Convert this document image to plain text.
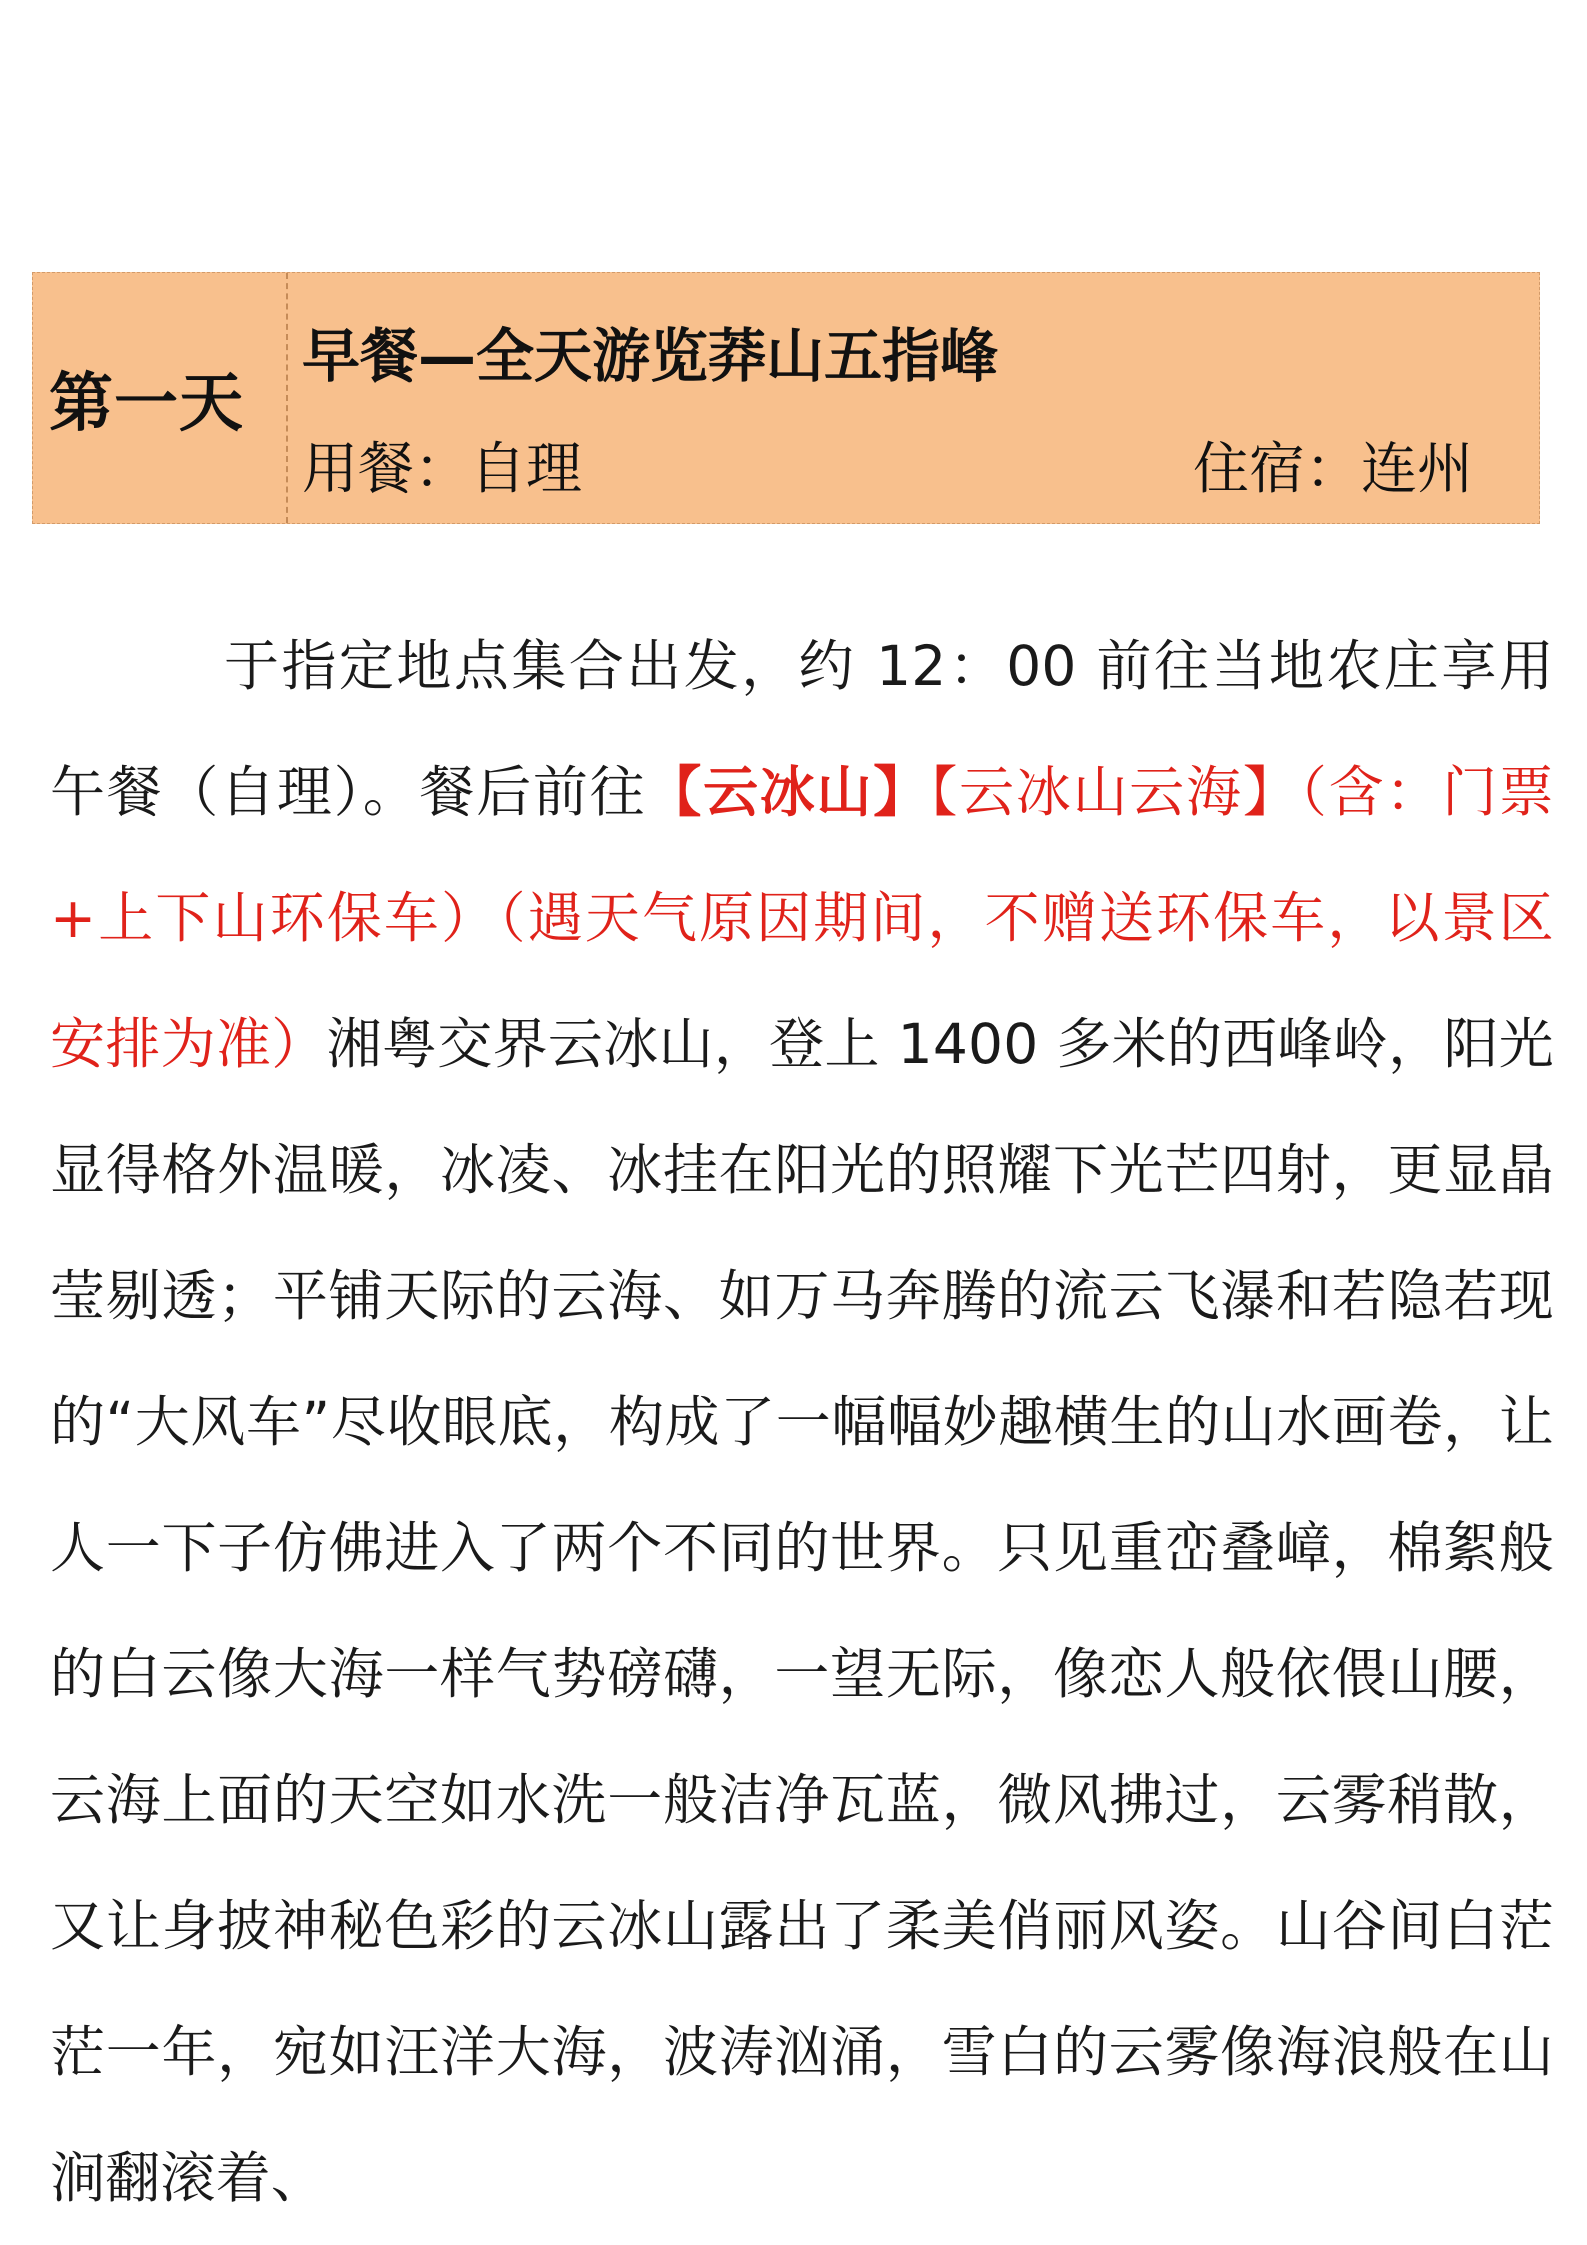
第一天
早餐—全天游览莽山五指峰
用餐：自理	住宿：连州

于指定地点集合出发，约 12：00 前往当地农庄享用午餐（自理）。餐后前往【云冰山】【云冰山云海】（含：门票+上下山环保车）（遇天气原因期间，不赠送环保车，以景区安排为准）湘粤交界云冰山，登上 1400 多米的西峰岭，阳光显得格外温暖，冰凌、冰挂在阳光的照耀下光芒四射，更显晶莹剔透；平铺天际的云海、如万马奔腾的流云飞瀑和若隐若现的“大风车”尽收眼底，构成了一幅幅妙趣横生的山水画卷，让人一下子仿佛进入了两个不同的世界。只见重峦叠嶂，棉絮般的白云像大海一样气势磅礴，一望无际，像恋人般依偎山腰，云海上面的天空如水洗一般洁净瓦蓝，微风拂过，云雾稍散，又让身披神秘色彩的云冰山露出了柔美俏丽风姿。山谷间白茫茫一年，宛如汪洋大海，波涛汹涌，雪白的云雾像海浪般在山涧翻滚着、
